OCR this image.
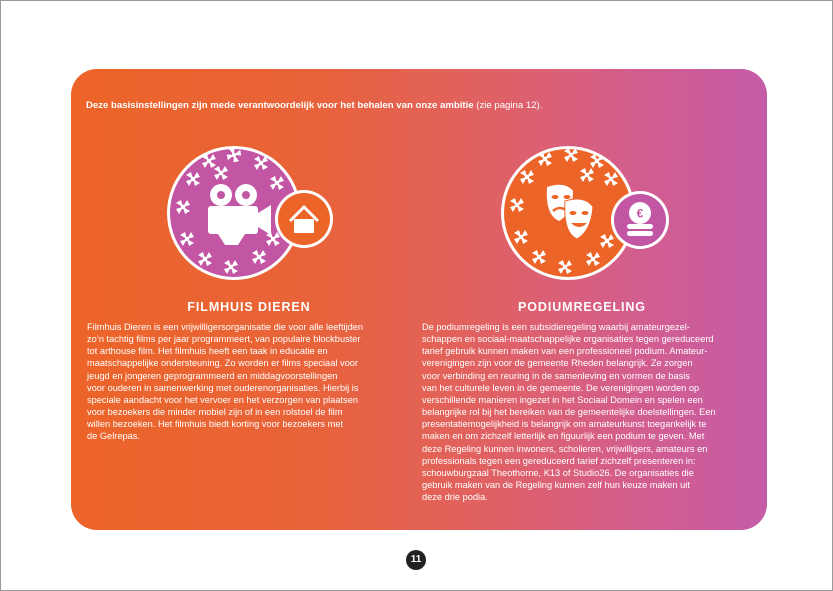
Deze basisinstellingen zijn mede verantwoordelijk voor het behalen van onze ambitie (zie pagina 12).
€
FILMHUIS DIEREN	PODIUMREGELING

Filmhuis Dieren is een vrijwilligersorganisatie die voor alle leeftijden

zo’n tachtig films per jaar programmeert, van populaire blockbuster

tot arthouse film. Het filmhuis heeft een taak in educatie en

maatschappelijke ondersteuning. Zo worden er films speciaal voor

jeugd en jongeren geprogrammeerd en middagvoorstellingen

voor ouderen in samenwerking met ouderenorganisaties. Hierbij is

speciale aandacht voor het vervoer en het verzorgen van plaatsen

voor bezoekers die minder mobiel zijn of in een rolstoel de film

willen bezoeken. Het filmhuis biedt korting voor bezoekers met

de Gelrepas.

De podiumregeling is een subsidieregeling waarbij amateurgezel-

schappen en sociaal-maatschappelijke organisaties tegen gereduceerd

tarief gebruik kunnen maken van een professioneel podium. Amateur-

verenigingen zijn voor de gemeente Rheden belangrijk. Ze zorgen

voor verbinding en reuring in de samenleving en vormen de basis

van het culturele leven in de gemeente. De verenigingen worden op

verschillende manieren ingezet in het Sociaal Domein en spelen een

belangrijke rol bij het bereiken van de gemeentelijke doelstellingen. Een

presentatiemogelijkheid is belangrijk om amateurkunst toegankelijk te

maken en om zichzelf letterlijk en figuurlijk een podium te geven. Met

deze Regeling kunnen inwoners, scholieren, vrijwilligers, amateurs en

professionals tegen een gereduceerd tarief zichzelf presenteren in:

schouwburgzaal Theothorne, K13 of Studio26. De organisaties die

gebruik maken van de Regeling kunnen zelf hun keuze maken uit

deze drie podia.

11
